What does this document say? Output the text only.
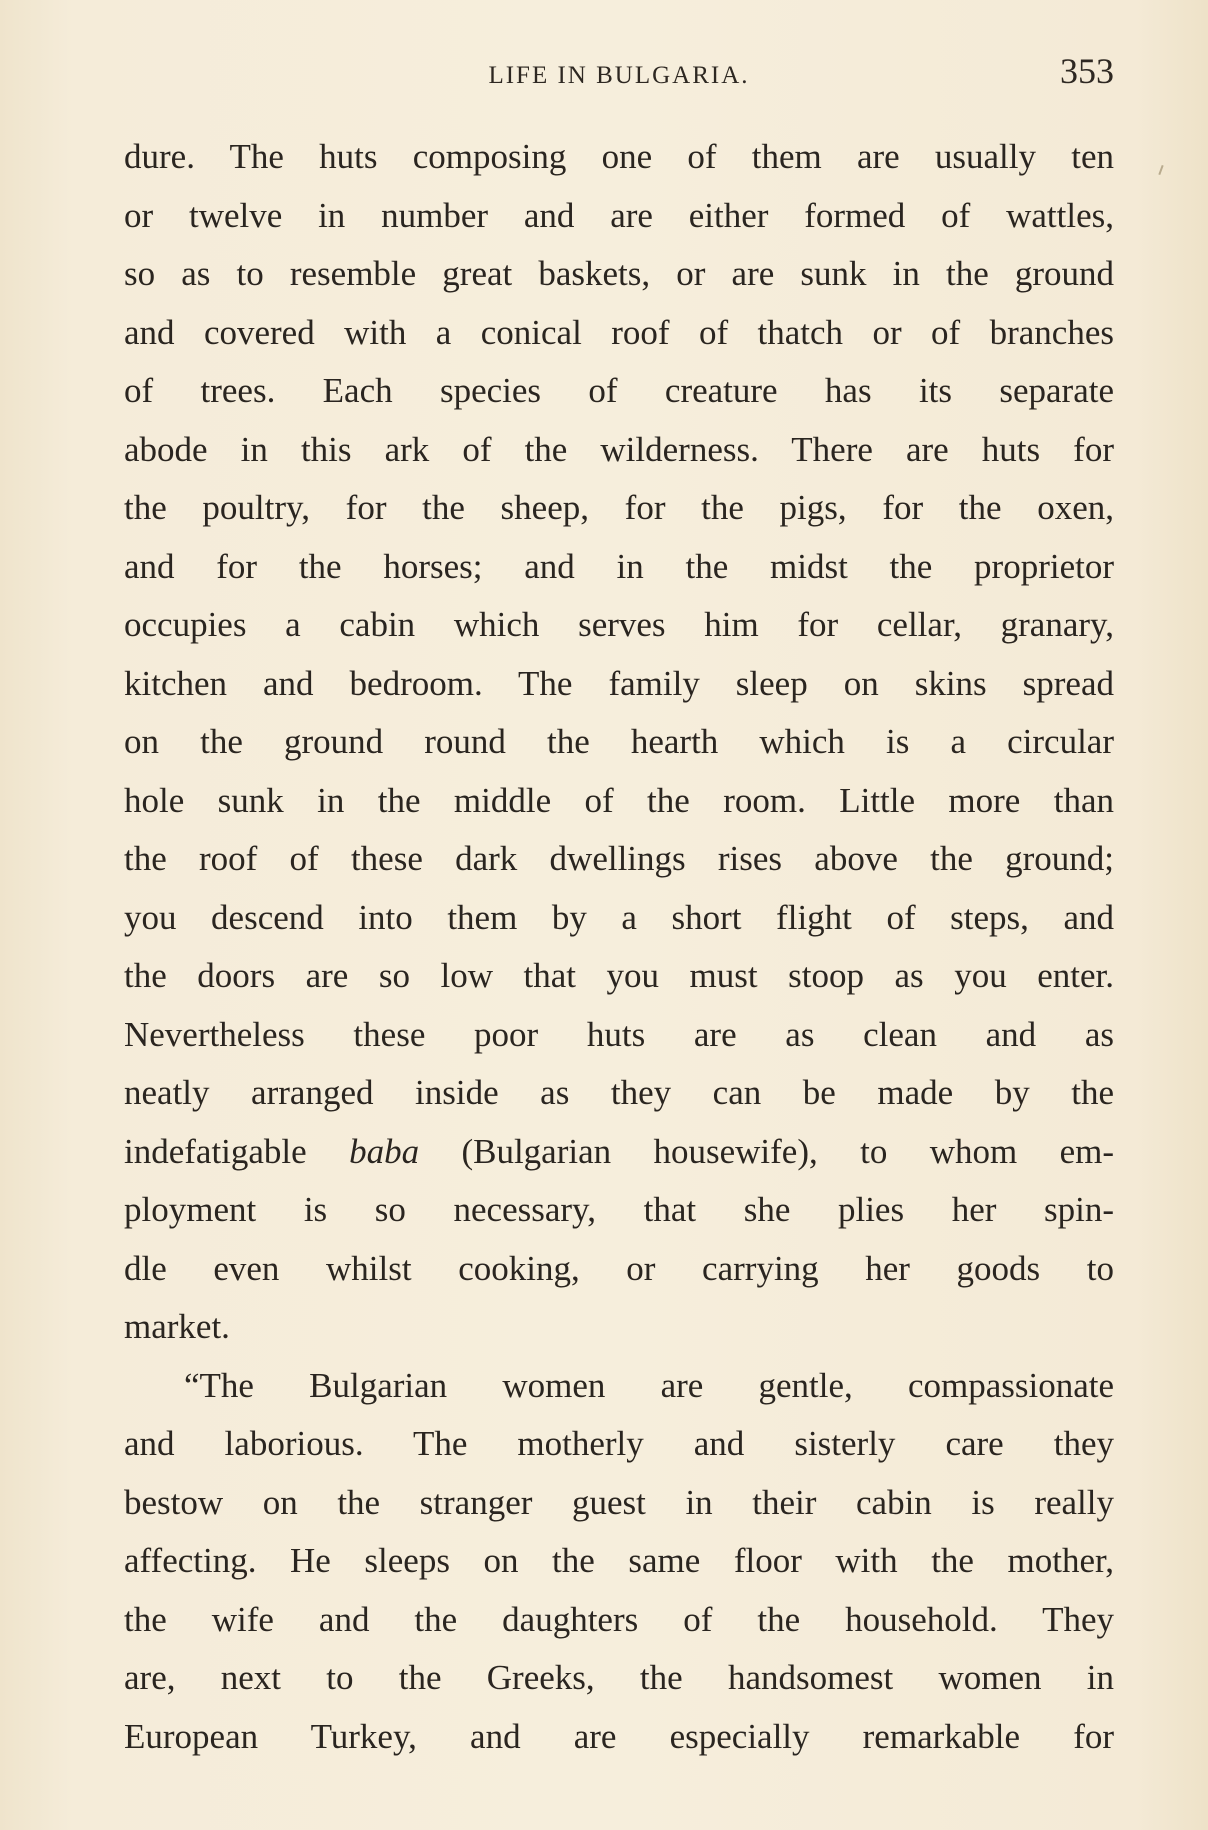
LIFE IN BULGARIA.	353
dure. The huts composing one of them are usually ten
or twelve in number and are either formed of wattles,
so as to resemble great baskets, or are sunk in the ground
and covered with a conical roof of thatch or of branches
of trees. Each species of creature has its separate
abode in this ark of the wilderness. There are huts for
the poultry, for the sheep, for the pigs, for the oxen,
and for the horses; and in the midst the proprietor
occupies a cabin which serves him for cellar, granary,
kitchen and bedroom. The family sleep on skins spread
on the ground round the hearth which is a circular
hole sunk in the middle of the room. Little more than
the roof of these dark dwellings rises above the ground;
you descend into them by a short flight of steps, and
the doors are so low that you must stoop as you enter.
Nevertheless these poor huts are as clean and as
neatly arranged inside as they can be made by the
indefatigable baba (Bulgarian housewife), to whom em-
ployment is so necessary, that she plies her spin-
dle even whilst cooking, or carrying her goods to
market.
“The Bulgarian women are gentle, compassionate
and laborious. The motherly and sisterly care they
bestow on the stranger guest in their cabin is really
affecting. He sleeps on the same floor with the mother,
the wife and the daughters of the household. They
are, next to the Greeks, the handsomest women in
European Turkey, and are especially remarkable for
